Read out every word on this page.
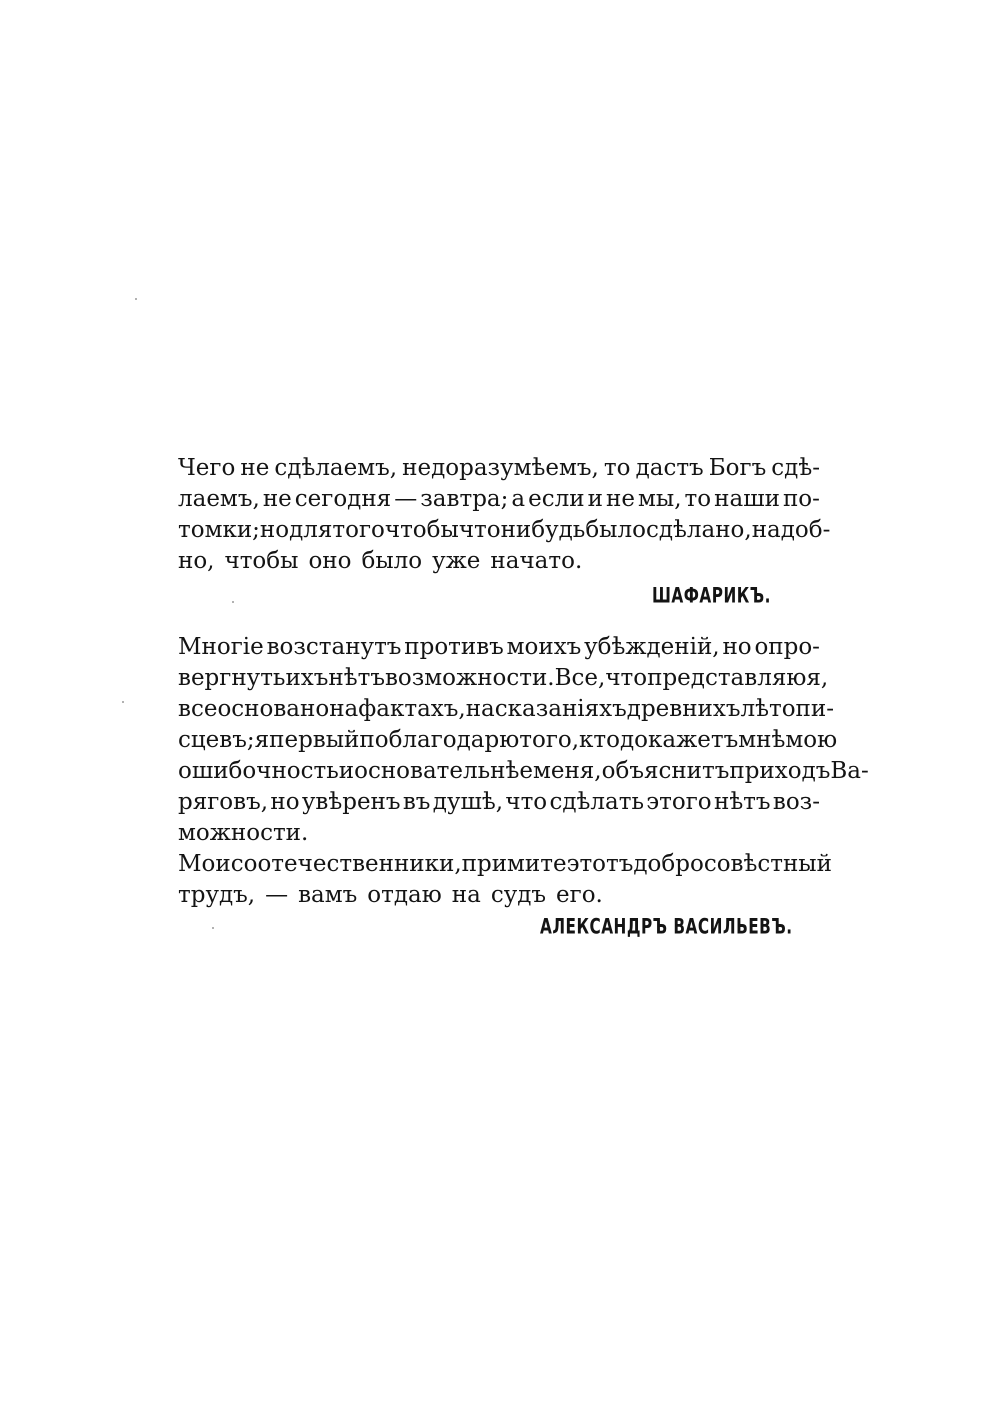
Чего не сдѣлаемъ, недоразумѣемъ, то дастъ Богъ сдѣ-
лаемъ, не сегодня — завтра; а если и не мы, то наши по-
томки; но для того чтобы что нибудь было сдѣлано, надоб-
но, чтобы оно было уже начато.
ШАФАРИКЪ.
Многіе возстанутъ противъ моихъ убѣжденій, но опро-
вергнуть ихъ нѣтъ возможности. Все, что представляю я,
все основано на фактахъ, на сказаніяхъ древнихъ лѣтопи-
сцевъ; я первый поблагодарю того, кто докажетъ мнѣ мою
ошибочность и основательнѣе меня, объяснитъ приходъ Ва-
ряговъ, но увѣренъ въ душѣ, что сдѣлать этого нѣтъ воз-
можности.
Мои соотечественники, примите этотъ добросовѣстный
трудъ, — вамъ отдаю на судъ его.
АЛЕКСАНДРЪ ВАСИЛЬЕВЪ.
